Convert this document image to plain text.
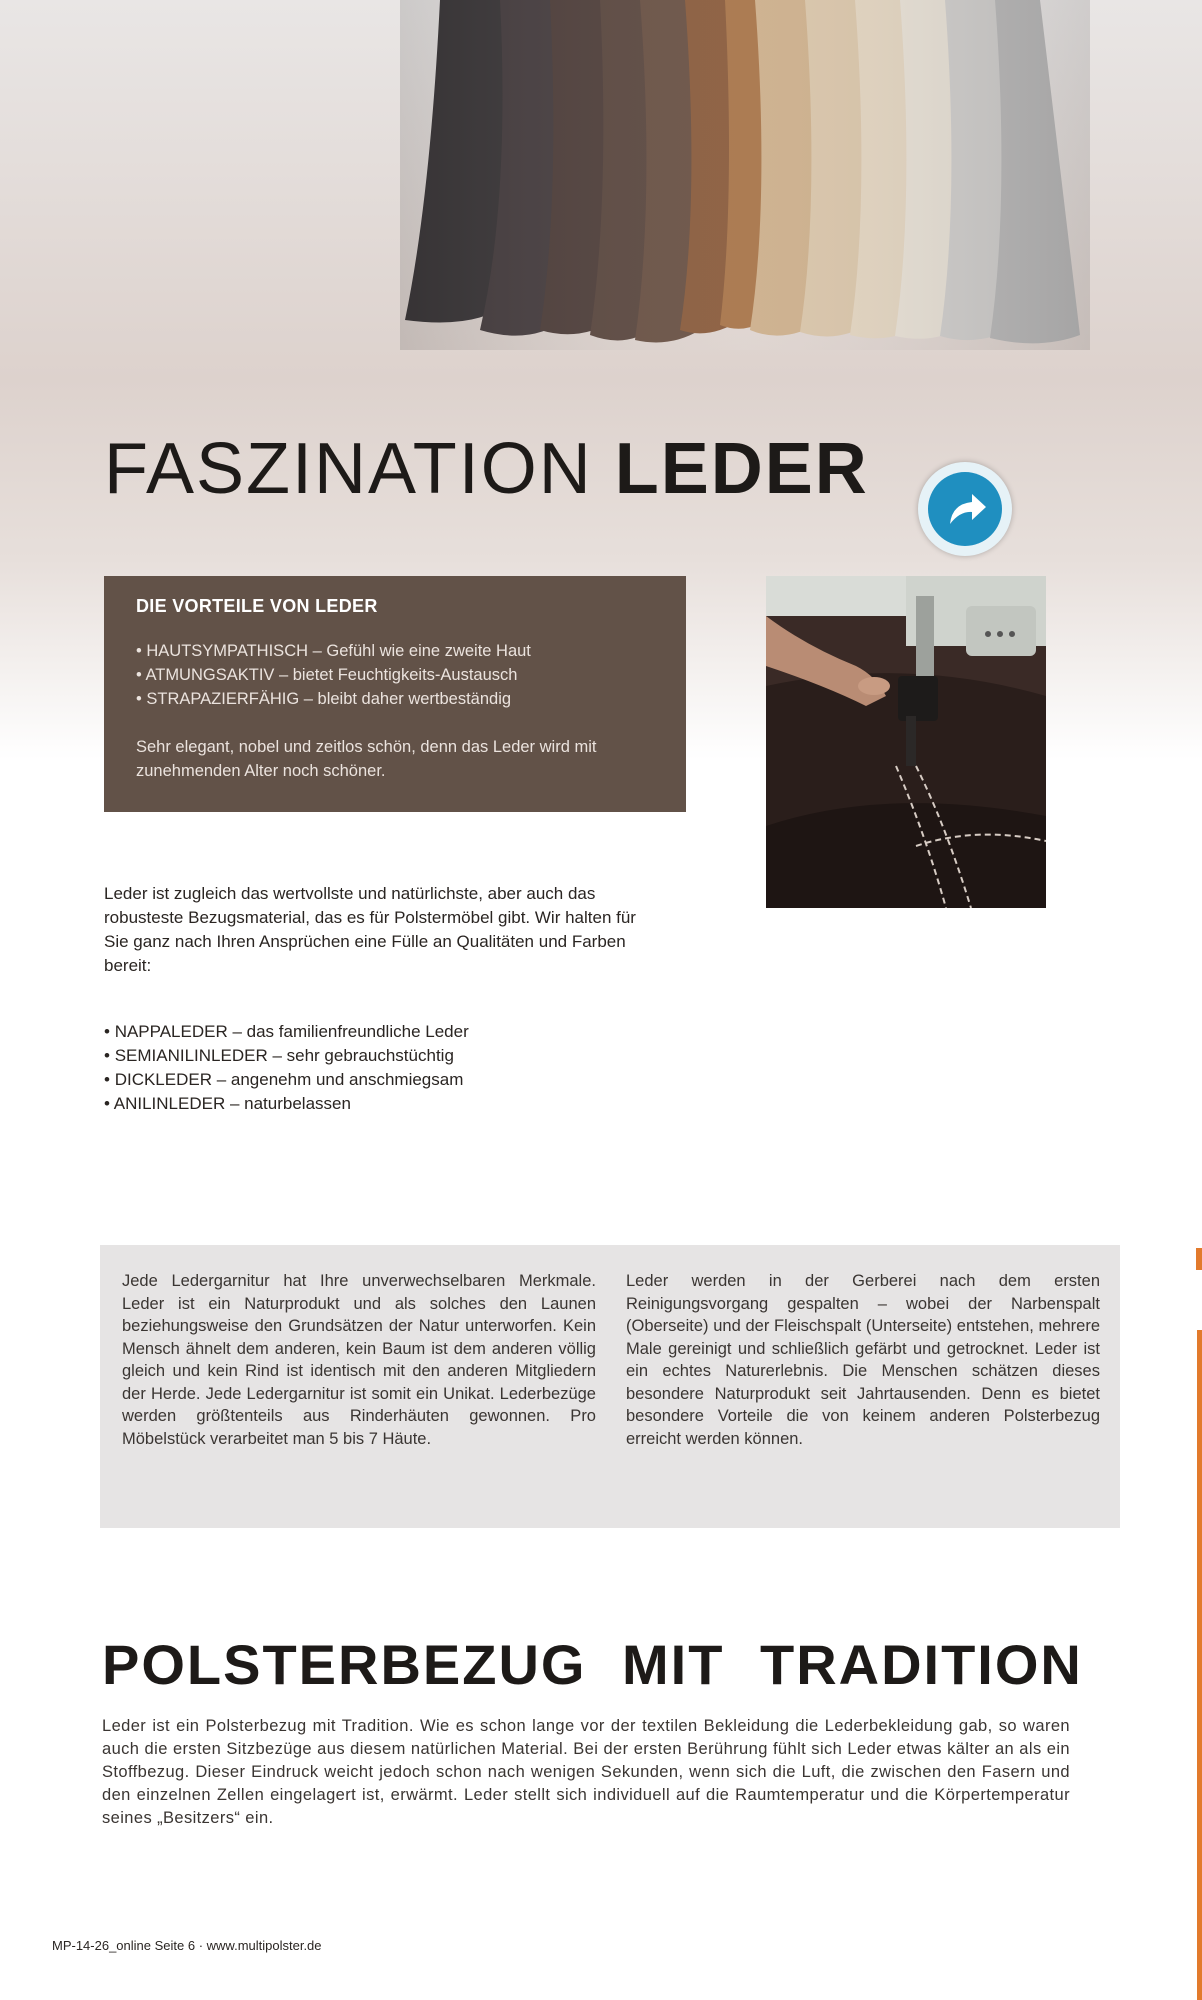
FASZINATION LEDER
DIE VORTEILE VON LEDER
• HAUTSYMPATHISCH – Gefühl wie eine zweite Haut
• ATMUNGSAKTIV – bietet Feuchtigkeits-Austausch
• STRAPAZIERFÄHIG – bleibt daher wertbeständig

Sehr elegant, nobel und zeitlos schön, denn das Leder wird mit zunehmenden Alter noch schöner.

Leder ist zugleich das wertvollste und natürlichste, aber auch das robusteste Bezugsmaterial, das es für Polstermöbel gibt. Wir halten für Sie ganz nach Ihren Ansprüchen eine Fülle an Qualitäten und Farben bereit:

• NAPPALEDER – das familienfreundliche Leder
• SEMIANILINLEDER – sehr gebrauchstüchtig
• DICKLEDER – angenehm und anschmiegsam
• ANILINLEDER – naturbelassen

Jede Ledergarnitur hat Ihre unverwechselbaren Merkmale. Leder ist ein Naturprodukt und als solches den Launen beziehungsweise den Grundsätzen der Natur unterworfen. Kein Mensch ähnelt dem anderen, kein Baum ist dem anderen völlig gleich und kein Rind ist identisch mit den anderen Mitgliedern der Herde. Jede Ledergarnitur ist somit ein Unikat. Lederbezüge werden größtenteils aus Rinderhäuten gewonnen. Pro Möbelstück verarbeitet man 5 bis 7 Häute.

Leder werden in der Gerberei nach dem ersten Reinigungsvorgang gespalten – wobei der Narbenspalt (Oberseite) und der Fleischspalt (Unterseite) entstehen, mehrere Male gereinigt und schließlich gefärbt und getrocknet. Leder ist ein echtes Naturerlebnis. Die Menschen schätzen dieses besondere Naturprodukt seit Jahrtausenden. Denn es bietet besondere Vorteile die von keinem anderen Polsterbezug erreicht werden können.

POLSTERBEZUG MIT TRADITION

Leder ist ein Polsterbezug mit Tradition. Wie es schon lange vor der textilen Bekleidung die Lederbekleidung gab, so waren auch die ersten Sitzbezüge aus diesem natürlichen Material. Bei der ersten Berührung fühlt sich Leder etwas kälter an als ein Stoffbezug. Dieser Eindruck weicht jedoch schon nach wenigen Sekunden, wenn sich die Luft, die zwischen den Fasern und den einzelnen Zellen eingelagert ist, erwärmt. Leder stellt sich individuell auf die Raumtemperatur und die Körpertemperatur seines „Besitzers“ ein.

MP-14-26_online Seite 6 · www.multipolster.de
